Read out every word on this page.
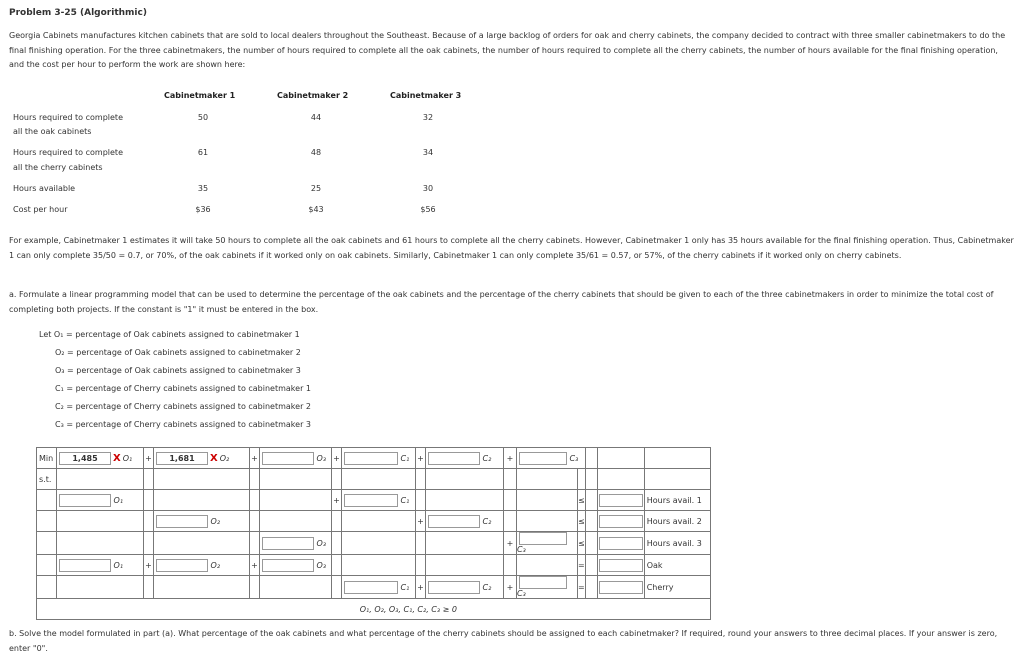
Problem 3-25 (Algorithmic)
Georgia Cabinets manufactures kitchen cabinets that are sold to local dealers throughout the Southeast. Because of a large backlog of orders for oak and cherry cabinets, the company decided to contract with three smaller cabinetmakers to do the final finishing operation. For the three cabinetmakers, the number of hours required to complete all the oak cabinets, the number of hours required to complete all the cherry cabinets, the number of hours available for the final finishing operation, and the cost per hour to perform the work are shown here:
Cabinetmaker 1	Cabinetmaker 2	Cabinetmaker 3
Hours required to complete
all the oak cabinets
50	44	32
Hours required to complete
all the cherry cabinets
61	48	34
Hours available	35	25	30
Cost per hour	$36	$43	$56
For example, Cabinetmaker 1 estimates it will take 50 hours to complete all the oak cabinets and 61 hours to complete all the cherry cabinets. However, Cabinetmaker 1 only has 35 hours available for the final finishing operation. Thus, Cabinetmaker 1 can only complete 35/50 = 0.7, or 70%, of the oak cabinets if it worked only on oak cabinets. Similarly, Cabinetmaker 1 can only complete 35/61 = 0.57, or 57%, of the cherry cabinets if it worked only on cherry cabinets.
a. Formulate a linear programming model that can be used to determine the percentage of the oak cabinets and the percentage of the cherry cabinets that should be given to each of the three cabinetmakers in order to minimize the total cost of completing both projects. If the constant is "1" it must be entered in the box.
Let O₁ = percentage of Oak cabinets assigned to cabinetmaker 1
O₂ = percentage of Oak cabinets assigned to cabinetmaker 2
O₃ = percentage of Oak cabinets assigned to cabinetmaker 3
C₁ = percentage of Cherry cabinets assigned to cabinetmaker 1
C₂ = percentage of Cherry cabinets assigned to cabinetmaker 2
C₃ = percentage of Cherry cabinets assigned to cabinetmaker 3
Min	1,485 X O₁	+	1,681 X O₂	+	O₃	+	C₁	+	C₂	+	C₃				
s.t.															
	O₁					+	C₁					≤			Hours avail. 1
			O₂					+	C₂			≤			Hours avail. 2
					O₃					+	C₃	≤			Hours avail. 3
	O₁	+	O₂	+	O₃							=			Oak
							C₁	+	C₂	+	C₃	=			Cherry
O₁, O₂, O₃, C₁, C₂, C₃ ≥ 0															
b. Solve the model formulated in part (a). What percentage of the oak cabinets and what percentage of the cherry cabinets should be assigned to each cabinetmaker? If required, round your answers to three decimal places. If your answer is zero, enter "0".
